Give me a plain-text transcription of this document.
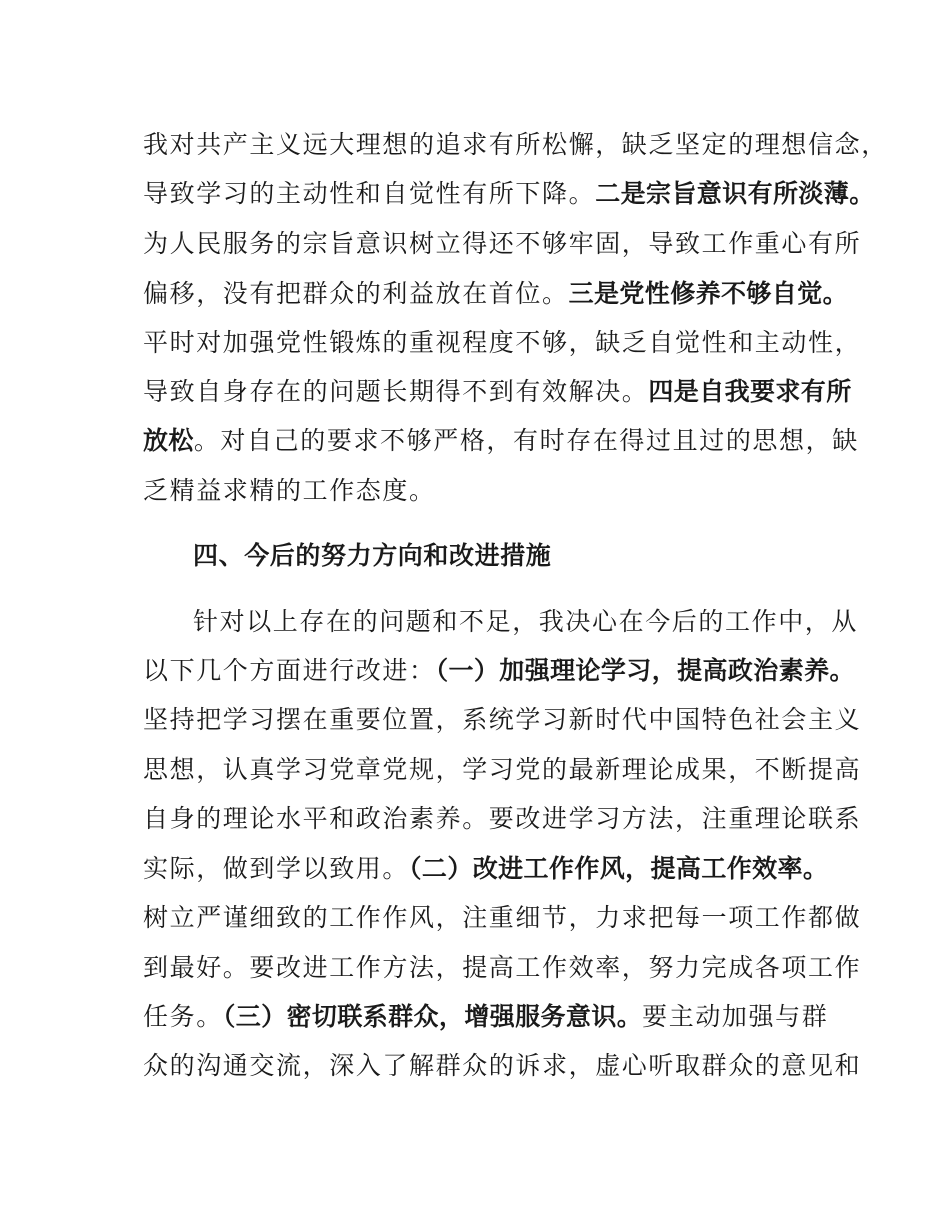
我对共产主义远大理想的追求有所松懈，缺乏坚定的理想信念，
导致学习的主动性和自觉性有所下降。二是宗旨意识有所淡薄。
为人民服务的宗旨意识树立得还不够牢固，导致工作重心有所
偏移，没有把群众的利益放在首位。三是党性修养不够自觉。
平时对加强党性锻炼的重视程度不够，缺乏自觉性和主动性，
导致自身存在的问题长期得不到有效解决。四是自我要求有所
放松。对自己的要求不够严格，有时存在得过且过的思想，缺
乏精益求精的工作态度。
四、今后的努力方向和改进措施
针对以上存在的问题和不足，我决心在今后的工作中，从
以下几个方面进行改进：（一）加强理论学习，提高政治素养。
坚持把学习摆在重要位置，系统学习新时代中国特色社会主义
思想，认真学习党章党规，学习党的最新理论成果，不断提高
自身的理论水平和政治素养。要改进学习方法，注重理论联系
实际，做到学以致用。（二）改进工作作风，提高工作效率。
树立严谨细致的工作作风，注重细节，力求把每一项工作都做
到最好。要改进工作方法，提高工作效率，努力完成各项工作
任务。（三）密切联系群众，增强服务意识。要主动加强与群
众的沟通交流，深入了解群众的诉求，虚心听取群众的意见和
